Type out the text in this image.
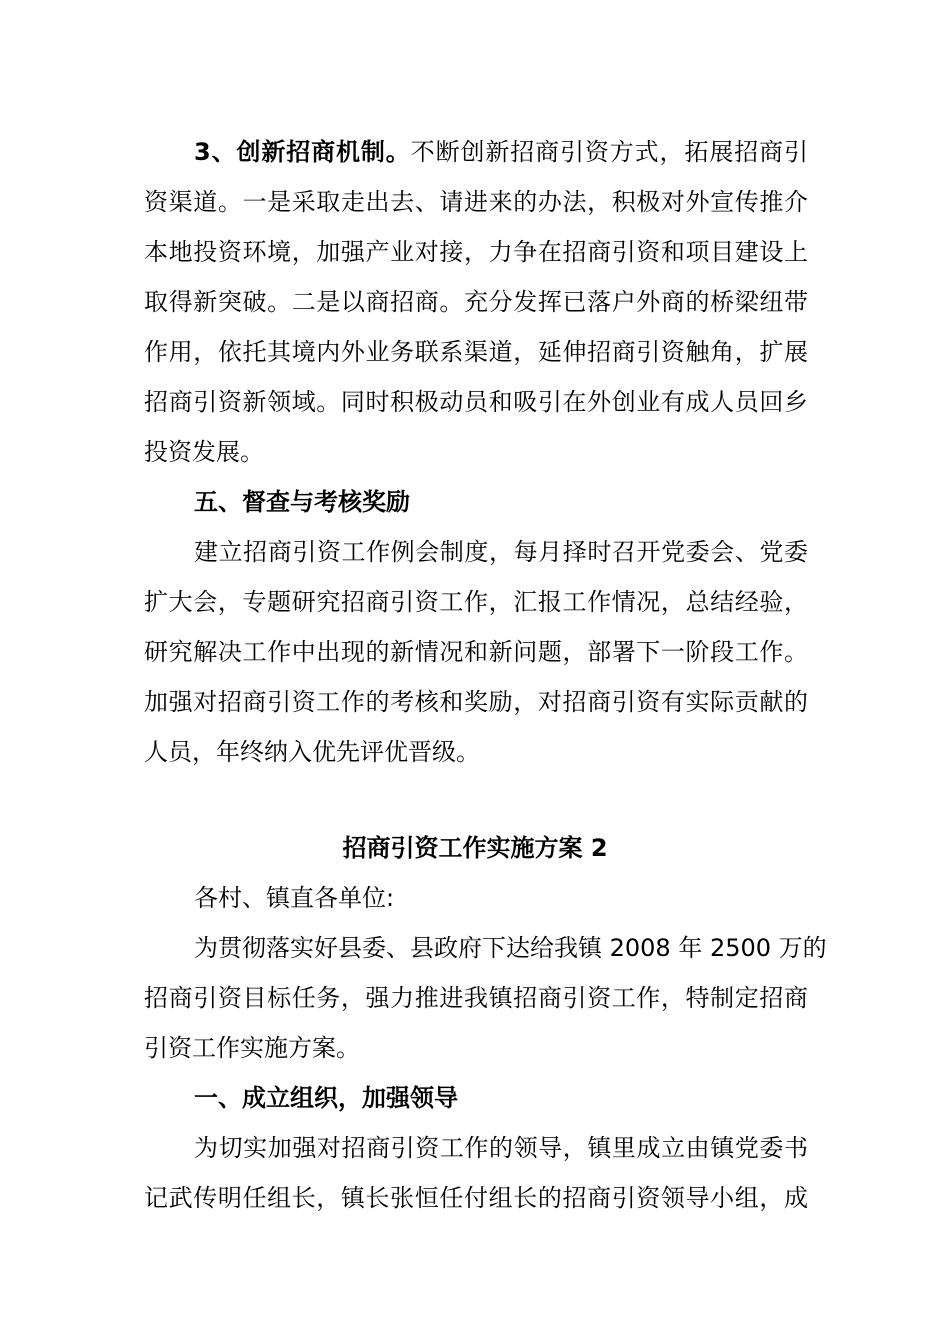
3、创新招商机制。不断创新招商引资方式，拓展招商引
资渠道。一是采取走出去、请进来的办法，积极对外宣传推介
本地投资环境，加强产业对接，力争在招商引资和项目建设上
取得新突破。二是以商招商。充分发挥已落户外商的桥梁纽带
作用，依托其境内外业务联系渠道，延伸招商引资触角，扩展
招商引资新领域。同时积极动员和吸引在外创业有成人员回乡
投资发展。
五、督查与考核奖励
建立招商引资工作例会制度，每月择时召开党委会、党委
扩大会，专题研究招商引资工作，汇报工作情况，总结经验，
研究解决工作中出现的新情况和新问题，部署下一阶段工作。
加强对招商引资工作的考核和奖励，对招商引资有实际贡献的
人员，年终纳入优先评优晋级。
招商引资工作实施方案 2
各村、镇直各单位:
为贯彻落实好县委、县政府下达给我镇 2008 年 2500 万的
招商引资目标任务，强力推进我镇招商引资工作，特制定招商
引资工作实施方案。
一、成立组织，加强领导
为切实加强对招商引资工作的领导，镇里成立由镇党委书
记武传明任组长，镇长张恒任付组长的招商引资领导小组，成
